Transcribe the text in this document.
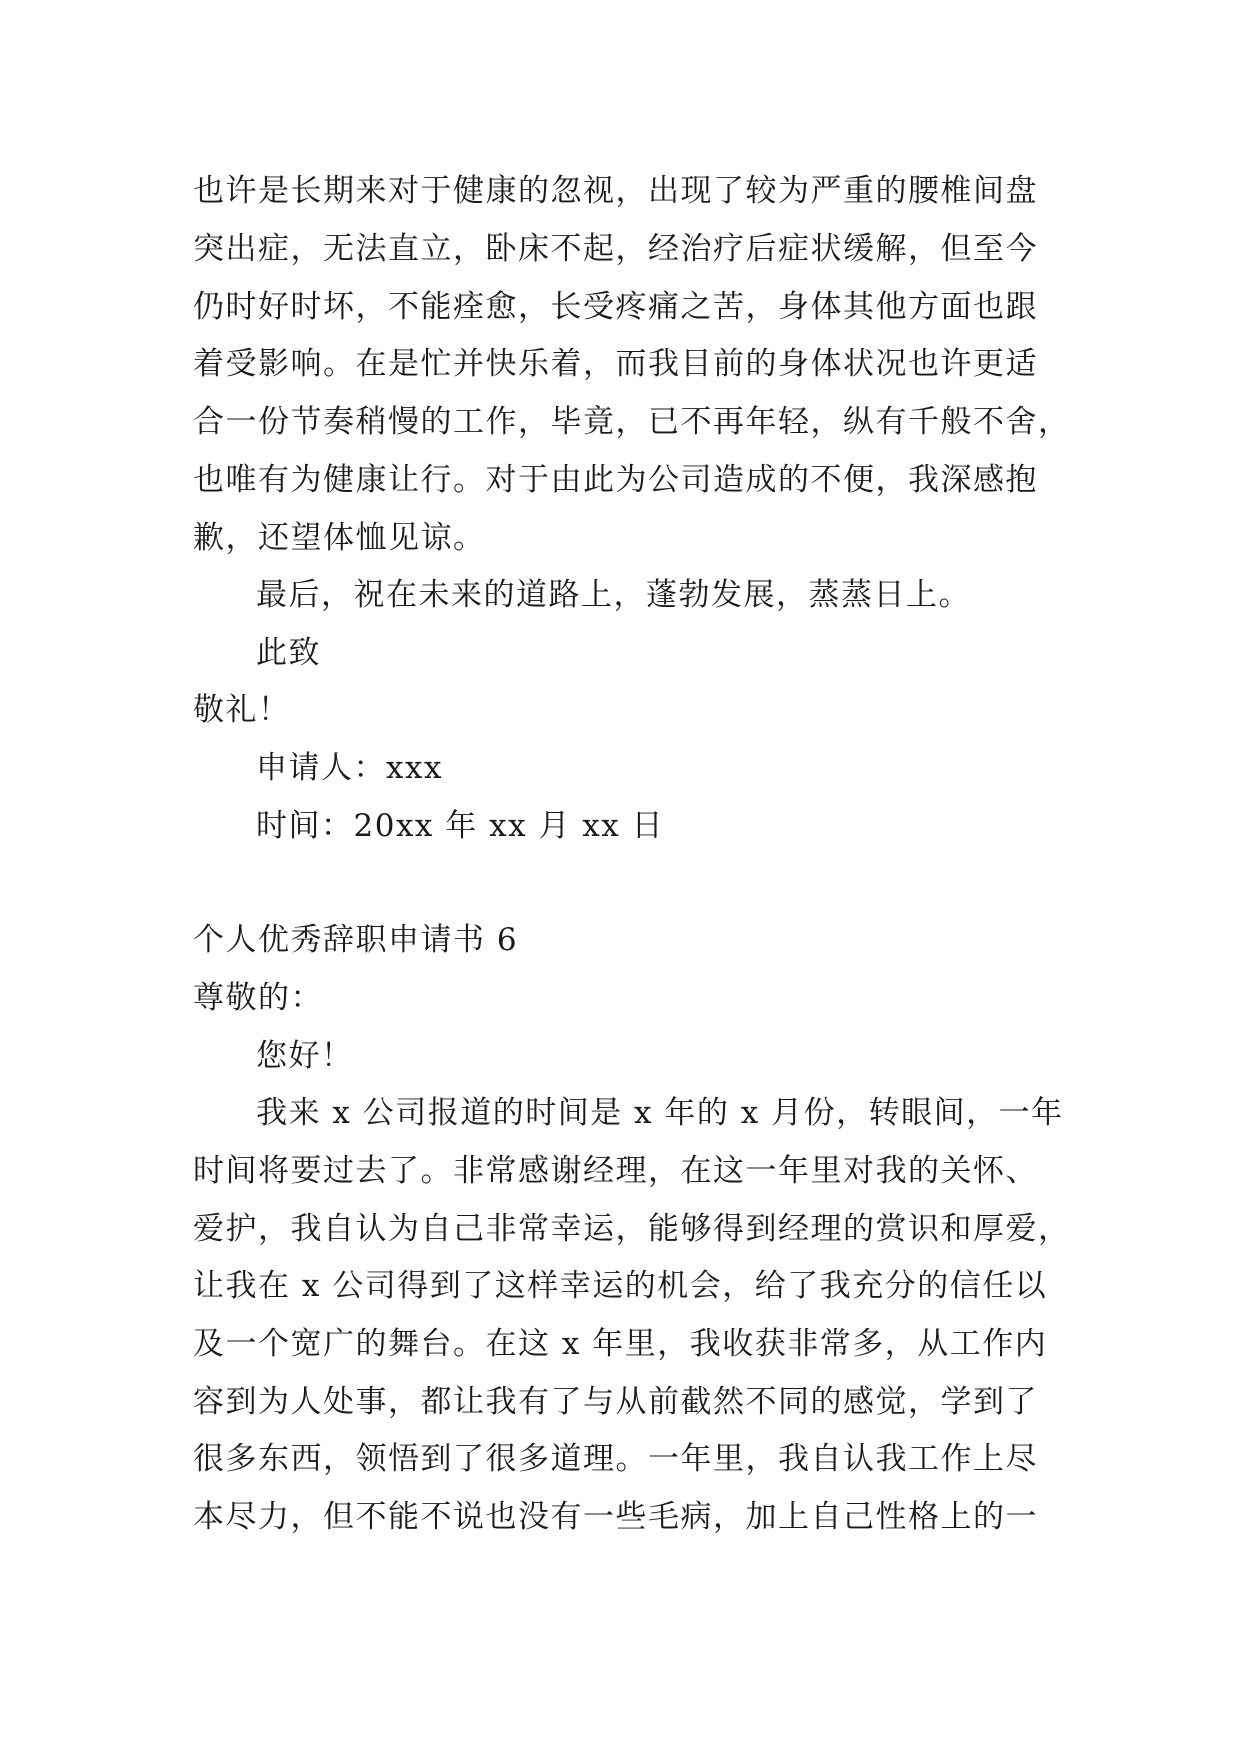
也许是长期来对于健康的忽视，出现了较为严重的腰椎间盘
突出症，无法直立，卧床不起，经治疗后症状缓解，但至今
仍时好时坏，不能痊愈，长受疼痛之苦，身体其他方面也跟
着受影响。在是忙并快乐着，而我目前的身体状况也许更适
合一份节奏稍慢的工作，毕竟，已不再年轻，纵有千般不舍，
也唯有为健康让行。对于由此为公司造成的不便，我深感抱
歉，还望体恤见谅。
最后，祝在未来的道路上，蓬勃发展，蒸蒸日上。
此致
敬礼！
申请人：xxx
时间：20xx 年 xx 月 xx 日
个人优秀辞职申请书 6
尊敬的：
您好！
我来 x 公司报道的时间是 x 年的 x 月份，转眼间，一年
时间将要过去了。非常感谢经理，在这一年里对我的关怀、
爱护，我自认为自己非常幸运，能够得到经理的赏识和厚爱，
让我在 x 公司得到了这样幸运的机会，给了我充分的信任以
及一个宽广的舞台。在这 x 年里，我收获非常多，从工作内
容到为人处事，都让我有了与从前截然不同的感觉，学到了
很多东西，领悟到了很多道理。一年里，我自认我工作上尽
本尽力，但不能不说也没有一些毛病，加上自己性格上的一
